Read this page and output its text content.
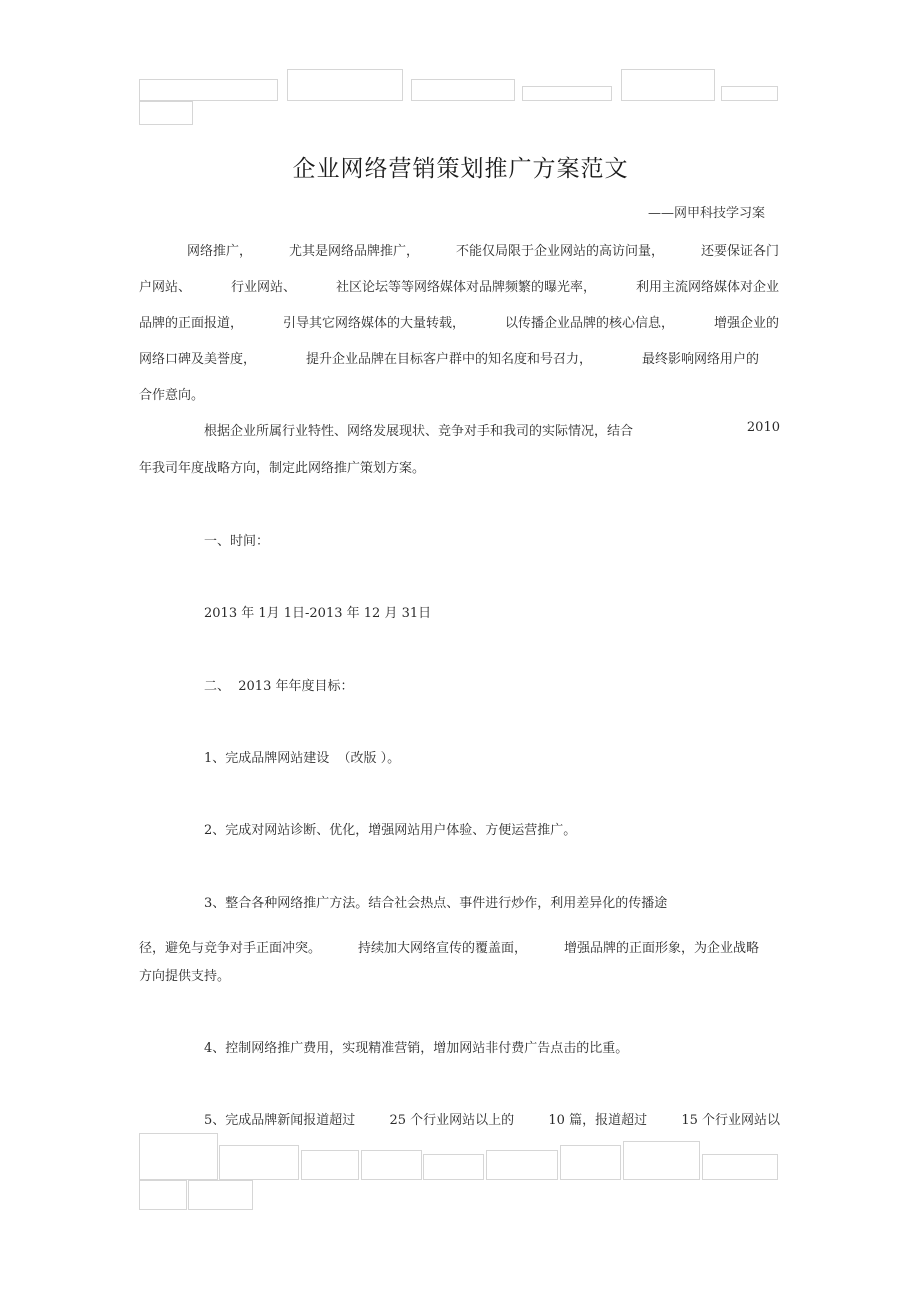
企业网络营销策划推广方案范文
——网甲科技学习案
网络推广，	尤其是网络品牌推广，	不能仅局限于企业网站的高访问量，	还要保证各门
户网站、	行业网站、	社区论坛等等网络媒体对品牌频繁的曝光率，	利用主流网络媒体对企业
品牌的正面报道，	引导其它网络媒体的大量转载，	以传播企业品牌的核心信息，	增强企业的
网络口碑及美誉度，	提升企业品牌在目标客户群中的知名度和号召力，	最终影响网络用户的
合作意向。
根据企业所属行业特性、网络发展现状、竞争对手和我司的实际情况，结合	2010
年我司年度战略方向，制定此网络推广策划方案。
一、时间：
2013 年 1月 1日-2013 年 12 月 31日
二、  2013 年年度目标：
1、完成品牌网站建设  （改版 ）。
2、完成对网站诊断、优化，增强网站用户体验、方便运营推广。
3、整合各种网络推广方法。结合社会热点、事件进行炒作，利用差异化的传播途
径，避免与竞争对手正面冲突。	持续加大网络宣传的覆盖面，	增强品牌的正面形象，为企业战略
方向提供支持。
4、控制网络推广费用，实现精准营销，增加网站非付费广告点击的比重。
5、完成品牌新闻报道超过	25 个行业网站以上的	10 篇，报道超过	15 个行业网站以
